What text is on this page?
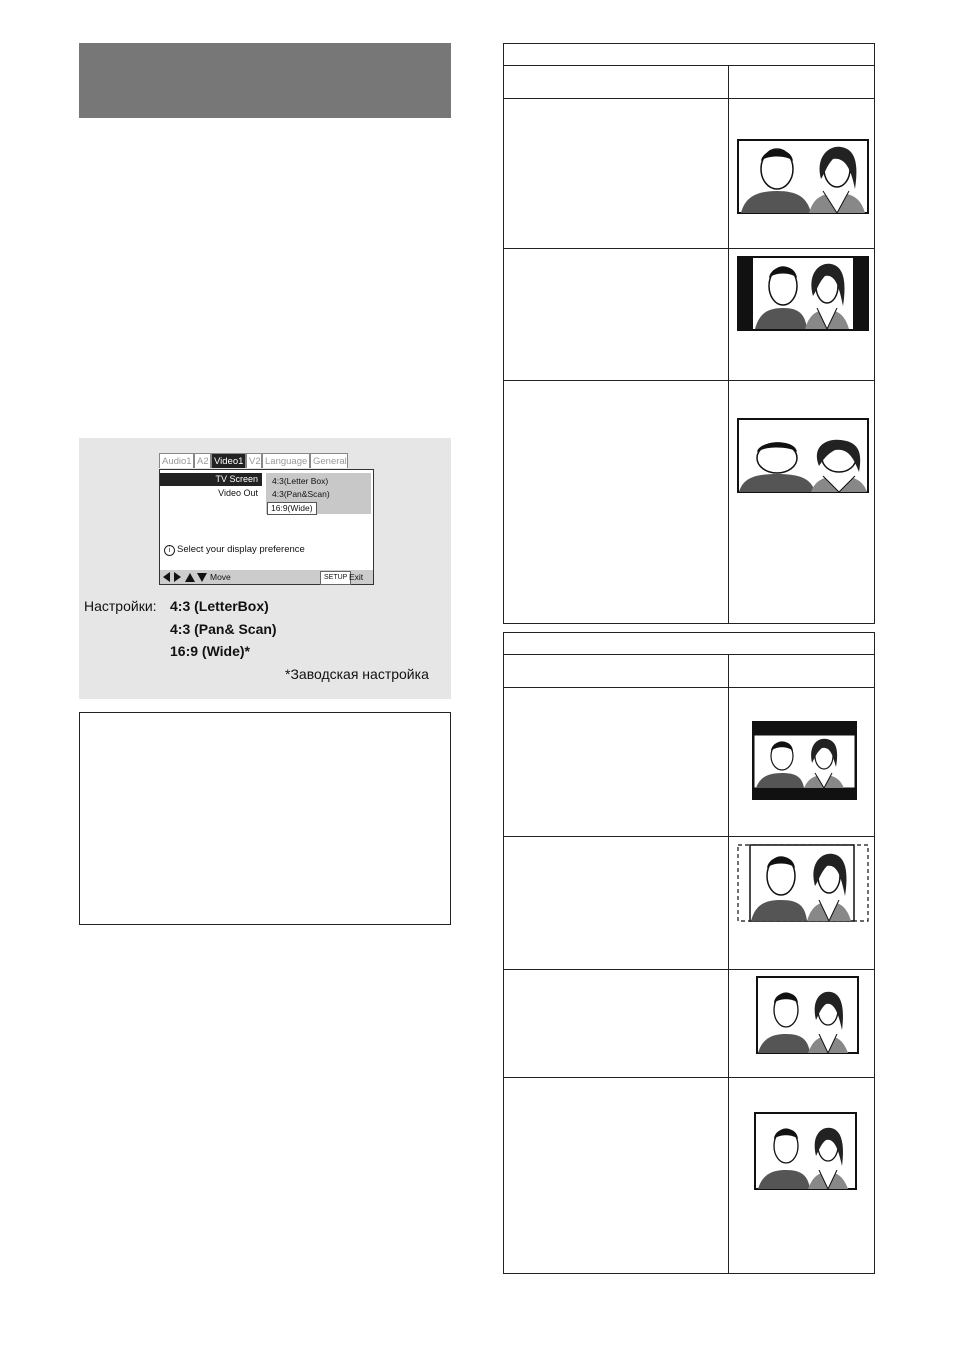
Audio1 A2 Video1 V2 Language General
TV Screen
Video Out
4:3(Letter Box)
4:3(Pan&Scan)
16:9(Wide)
i Select your display preference
Move	SETUP Exit
Настройки: 4:3 (LetterBox)
4:3 (Pan& Scan)
16:9 (Wide)*
*Заводская настройка
